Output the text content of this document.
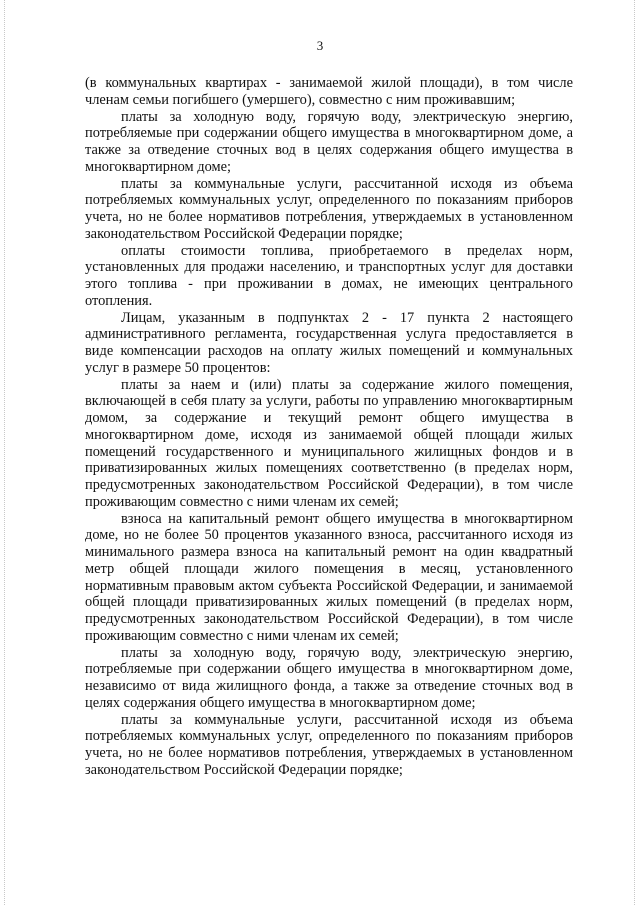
3

(в коммунальных квартирах - занимаемой жилой площади), в том числе членам семьи погибшего (умершего), совместно с ним проживавшим;

платы за холодную воду, горячую воду, электрическую энергию, потребляемые при содержании общего имущества в многоквартирном доме, а также за отведение сточных вод в целях содержания общего имущества в многоквартирном доме;

платы за коммунальные услуги, рассчитанной исходя из объема потребляемых коммунальных услуг, определенного по показаниям приборов учета, но не более нормативов потребления, утверждаемых в установленном законодательством Российской Федерации порядке;

оплаты стоимости топлива, приобретаемого в пределах норм, установленных для продажи населению, и транспортных услуг для доставки этого топлива - при проживании в домах, не имеющих центрального отопления.

Лицам, указанным в подпунктах 2 - 17 пункта 2 настоящего административного регламента, государственная услуга предоставляется в виде компенсации расходов на оплату жилых помещений и коммунальных услуг в размере 50 процентов:

платы за наем и (или) платы за содержание жилого помещения, включающей в себя плату за услуги, работы по управлению многоквартирным домом, за содержание и текущий ремонт общего имущества в многоквартирном доме, исходя из занимаемой общей площади жилых помещений государственного и муниципального жилищных фондов и в приватизированных жилых помещениях соответственно (в пределах норм, предусмотренных законодательством Российской Федерации), в том числе проживающим совместно с ними членам их семей;

взноса на капитальный ремонт общего имущества в многоквартирном доме, но не более 50 процентов указанного взноса, рассчитанного исходя из минимального размера взноса на капитальный ремонт на один квадратный метр общей площади жилого помещения в месяц, установленного нормативным правовым актом субъекта Российской Федерации, и занимаемой общей площади приватизированных жилых помещений (в пределах норм, предусмотренных законодательством Российской Федерации), в том числе проживающим совместно с ними членам их семей;

платы за холодную воду, горячую воду, электрическую энергию, потребляемые при содержании общего имущества в многоквартирном доме, независимо от вида жилищного фонда, а также за отведение сточных вод в целях содержания общего имущества в многоквартирном доме;

платы за коммунальные услуги, рассчитанной исходя из объема потребляемых коммунальных услуг, определенного по показаниям приборов учета, но не более нормативов потребления, утверждаемых в установленном законодательством Российской Федерации порядке;
